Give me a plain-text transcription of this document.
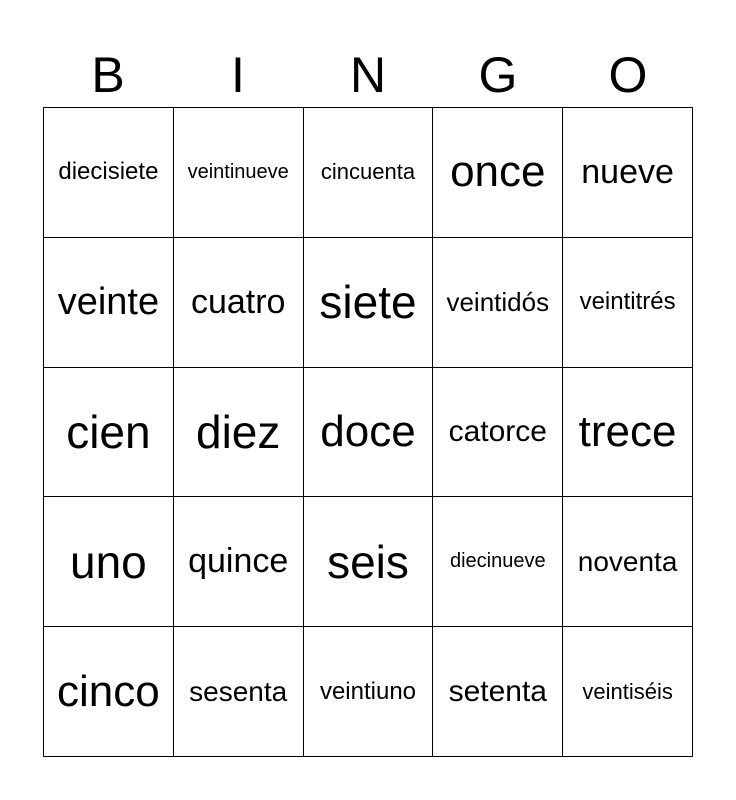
B	I	N	G	O
diecisiete veintinueve cincuenta once nueve
veinte cuatro siete veintidós veintitrés
cien diez doce catorce trece
uno quince seis diecinueve noventa
cinco sesenta veintiuno setenta veintiséis
